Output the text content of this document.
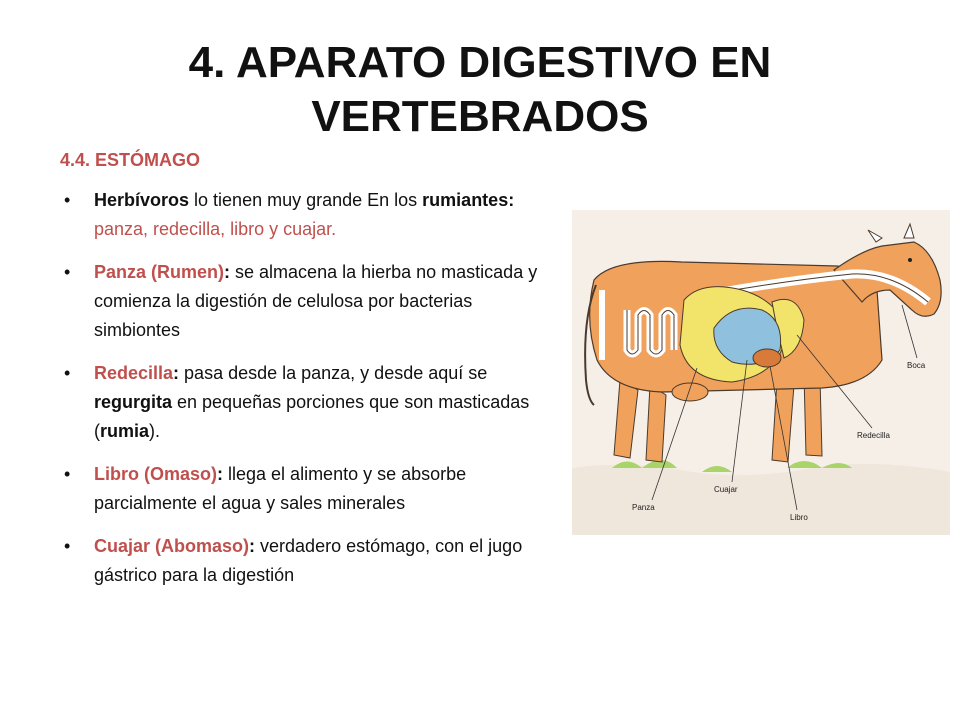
4. APARATO DIGESTIVO EN VERTEBRADOS
4.4. ESTÓMAGO
• Herbívoros lo tienen muy grande En los rumiantes: panza, redecilla, libro y cuajar.
• Panza (Rumen): se almacena la hierba no masticada y comienza la digestión de celulosa por bacterias simbiontes
• Redecilla: pasa desde la panza, y desde aquí se regurgita en pequeñas porciones que son masticadas (rumia).
• Libro (Omaso): llega el alimento y se absorbe parcialmente el agua y sales minerales
• Cuajar (Abomaso): verdadero estómago, con el jugo gástrico para la digestión
Boca
Redecilla
Panza
Cuajar
Libro
